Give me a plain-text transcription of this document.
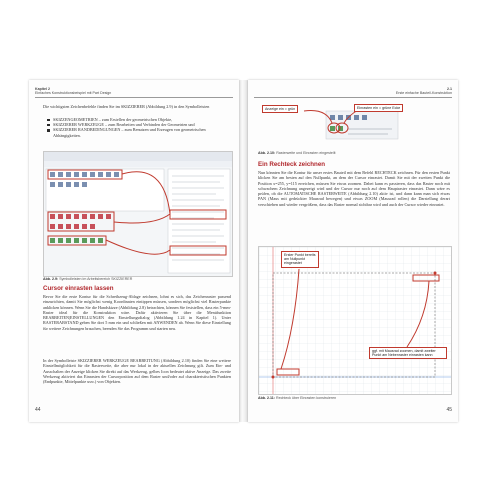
Kapitel 2
Einfaches Konstruktionsbeispiel mit Part Design
Die wichtigsten Zeichenbefehle finden Sie im SKIZZIERER (Abbildung 2.9) in den Symbolleisten
SKIZZENGEOMETRIEN – zum Erstellen der geometrischen Objekte,
SKIZZIERER WERKZEUGE – zum Bearbeiten und Verbinden der Geometrien und
SKIZZIERER RANDBEDINGUNGEN – zum Benutzen und Erzeugen von geometrischen Abhängigkeiten.
Abb. 2.9: Symbolleisten im Arbeitsbereich SKIZZIERER
Cursor einrasten lassen
Bevor Sie die erste Kontur für die Schreibzeug-Ablage zeichnen, lohnt es sich, das Zeichenraster passend einzurichten, damit Sie möglichst wenig Koordinaten eintippen müssen, sondern möglichst viel Rasterpunkte anklicken können. Wenn Sie die Handskizze (Abbildung 2.8) betrachten, können Sie feststellen, dass ein 5-mm-Raster ideal für die Konstruktion wäre. Dafür aktivieren Sie über die Menüfunktion BEARBEITEN|EINSTELLUNGEN den Einstellungsdialog (Abbildung 1.24 in Kapitel 1). Unter RASTERABSTAND geben Sie dort 5 mm ein und schließen mit ANWENDEN ab. Wenn Sie diese Einstellung für weitere Zeichnungen brauchen, beenden Sie das Programm und starten neu.
In der Symbolleiste SKIZZIERER WERKZEUGE BEARBEITUNG (Abbildung 2.10) finden Sie eine weitere Einstellmöglichkeit für die Rasterweite, die aber nur lokal in der aktuellen Zeichnung gilt. Zum Ein- und Ausschalten der Anzeige klicken Sie direkt auf das Werkzeug, gelbes Icon bedeutet aktive Anzeige. Das zweite Werkzeug aktiviert das Einrasten der Cursorposition auf dem Raster und/oder auf charakteristischen Punkten (Endpunkte, Mittelpunkte usw.) von Objekten.
44
2.1
Erste einfache Bauteil-Konstruktion
Anzeige ein = grün	Einrasten ein = grüne Ecke
Abb. 2.10: Rasterweite und Einrasten eingestellt
Ein Rechteck zeichnen
Nun könnten Sie die Kontur für unser erstes Bauteil mit dem Befehl RECHTECK zeichnen. Für den ersten Punkt klicken Sie am besten auf den Nullpunkt, an dem der Cursor einrastet. Damit Sie mit der zweiten Punkt die Position x=255, y=115 erreichen, müssen Sie etwas zoomen. Dabei kann es passieren, dass das Raster noch mit schwachem Zeichnung angezeigt wird und der Cursor nur noch auf dem Hauptraster einrastet. Dann wäre es prüfen, ob die AUTOMATISCHE RASTERWEITE (Abbildung 2.10) aktiv ist, und dann kann man sich etwas PAN (Maus mit gedrückter Mausrad bewegen) und etwas ZOOM (Mausrad rollen) die Darstellung derart verschieben und wieder vergrößern, dass das Raster normal sichtbar wird und auch der Cursor wieder einrastet.
Erster Punkt bereits am Nullpunkt eingerastet
ggf. mit Mausrad zoomen, damit zweiter Punkt am Nebenraster einrasten kann
Abb. 2.11: Rechteck über Einrasten konstruieren
45
